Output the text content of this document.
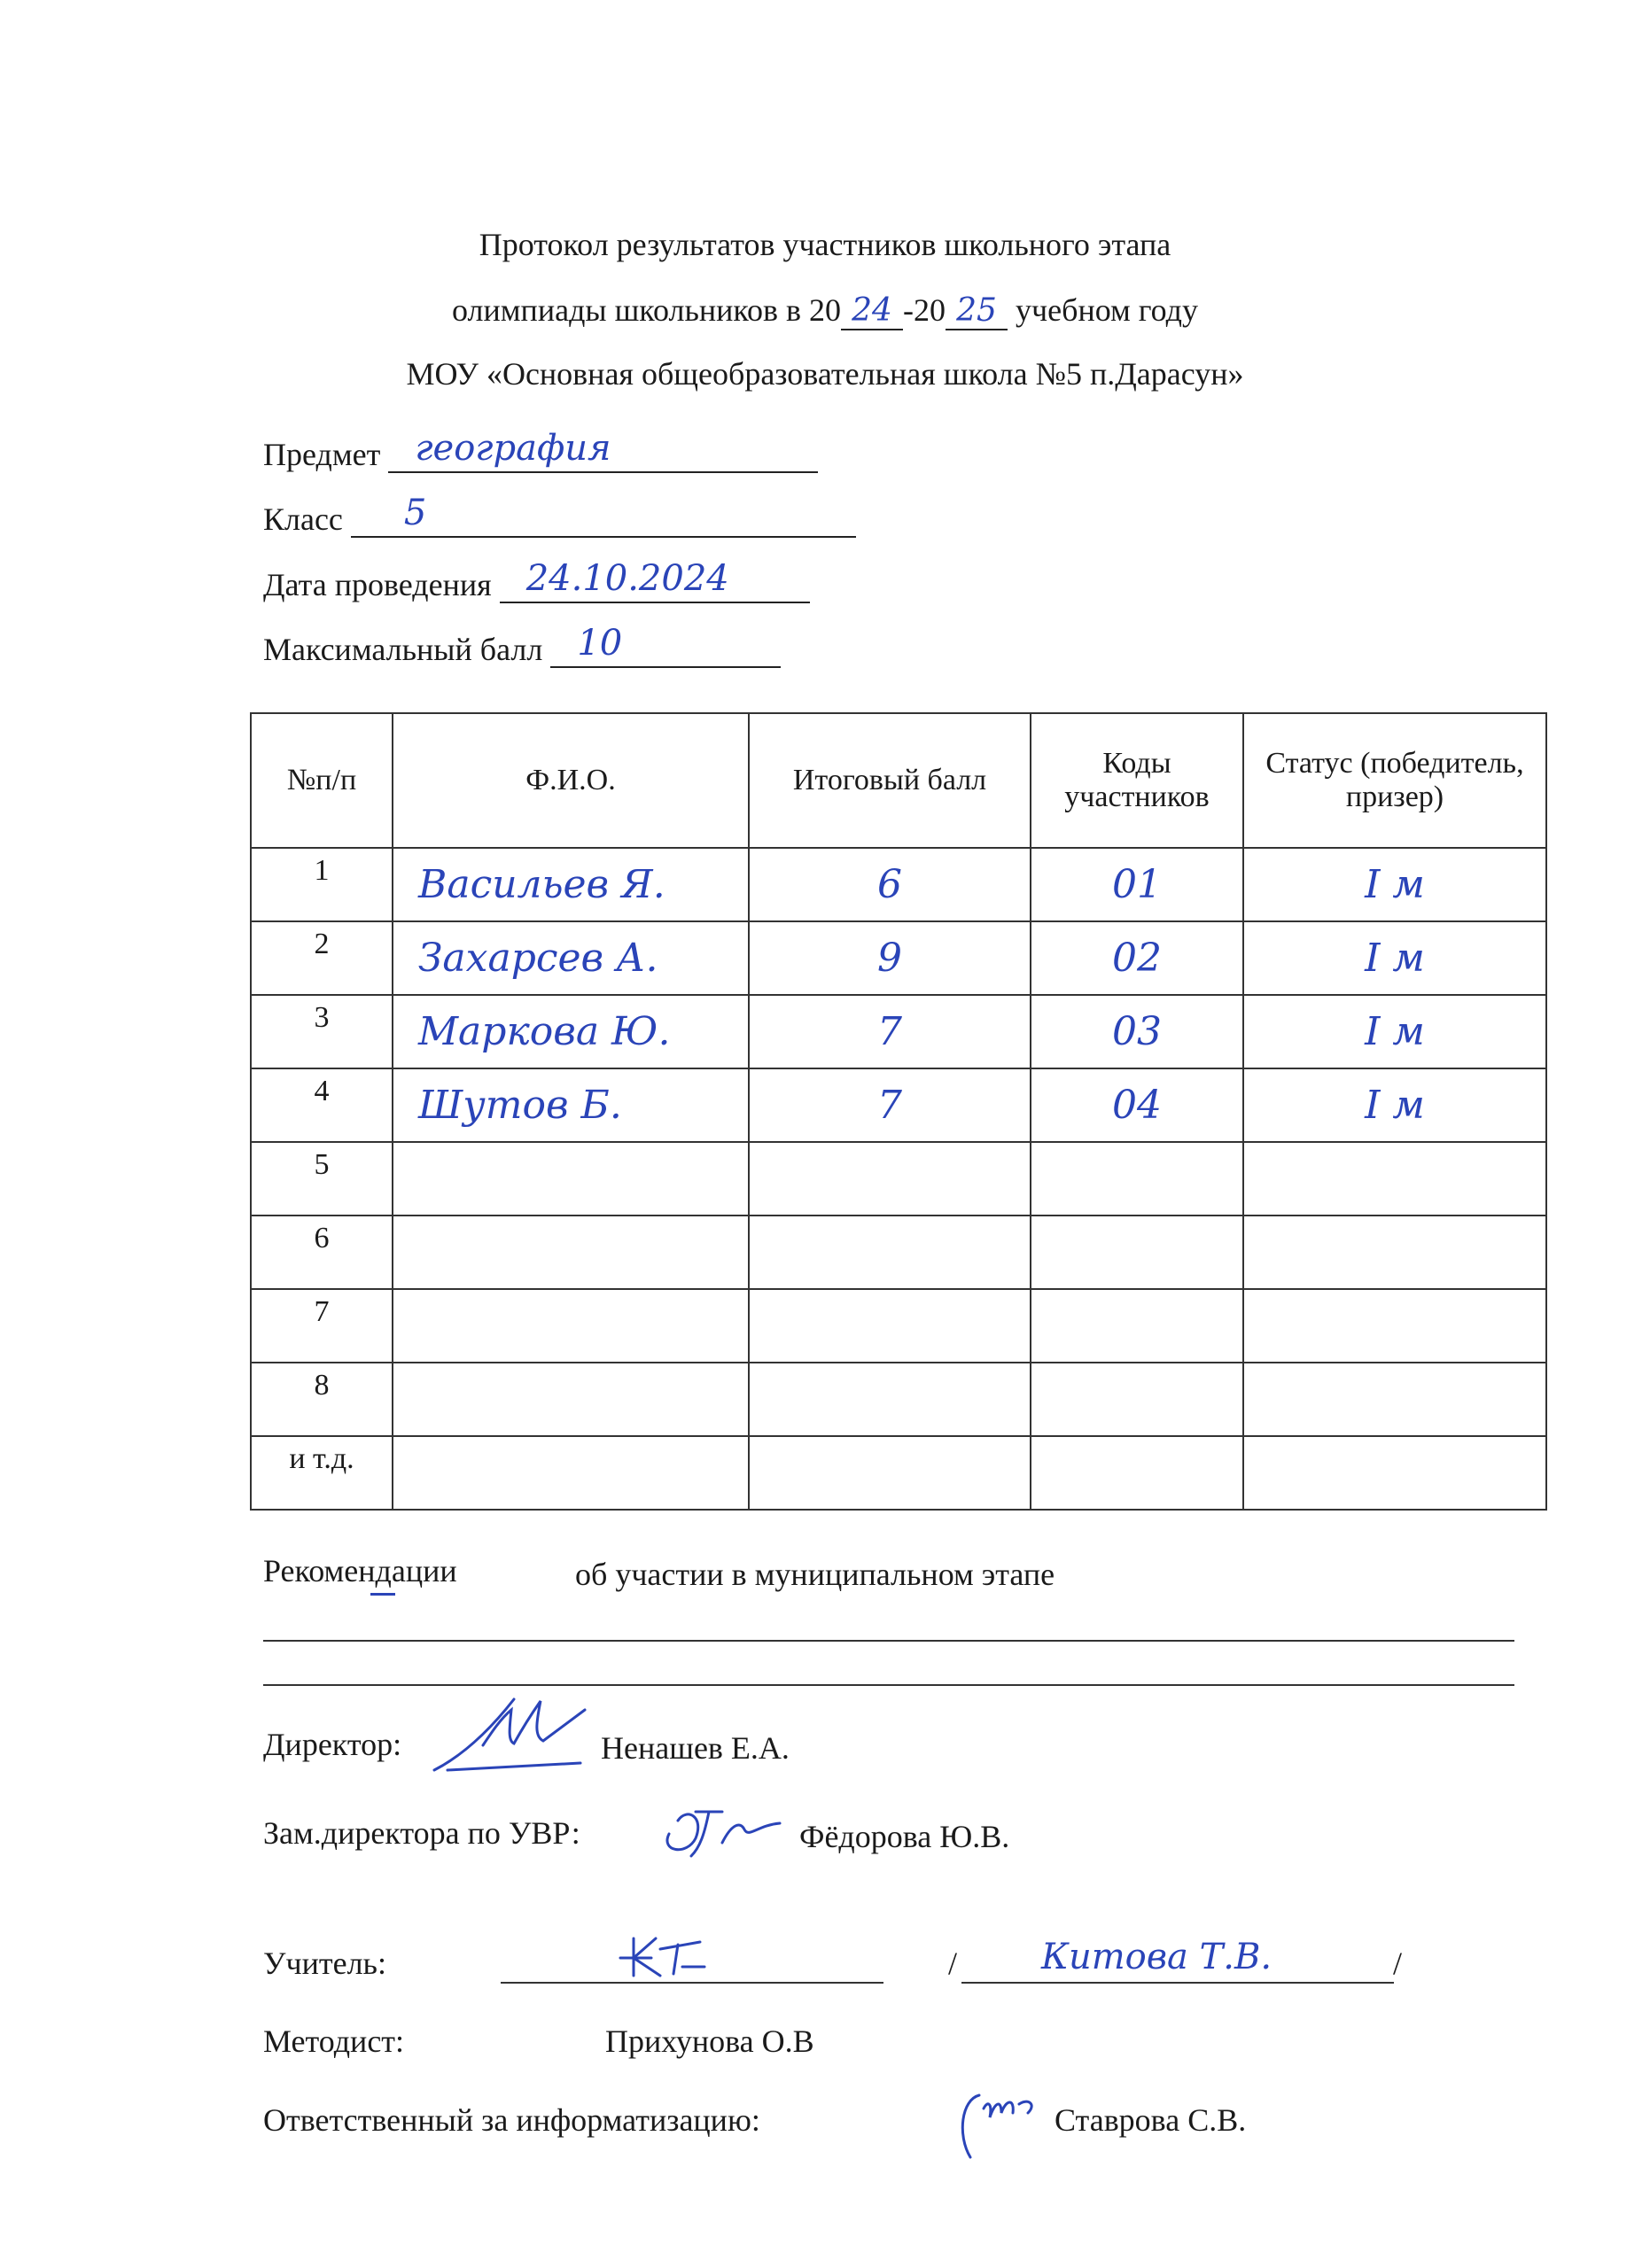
Протокол результатов участников школьного этапа
олимпиады школьников в 20 24 -20 25 учебном году
МОУ «Основная общеобразовательная школа №5 п.Дарасун»
Предмет география
Класс 5
Дата проведения 24.10.2024
Максимальный балл 10
№п/п	Ф.И.О.	Итоговый балл	Коды участников	Статус (победитель, призер)
1	Васильев Я.	6	01	I м
2	Захарсев А.	9	02	I м
3	Маркова Ю.	7	03	I м
4	Шутов Б.	7	04	I м
5				
6				
7				
8				
и т.д.				
Рекомендации	об участии в муниципальном этапе
Директор:	Ненашев Е.А.
Зам.директора по УВР:	Фёдорова Ю.В.
Учитель:	/ Китова Т.В.	/
Методист:	Прихунова О.В
Ответственный за информатизацию:	Ставрова С.В.
